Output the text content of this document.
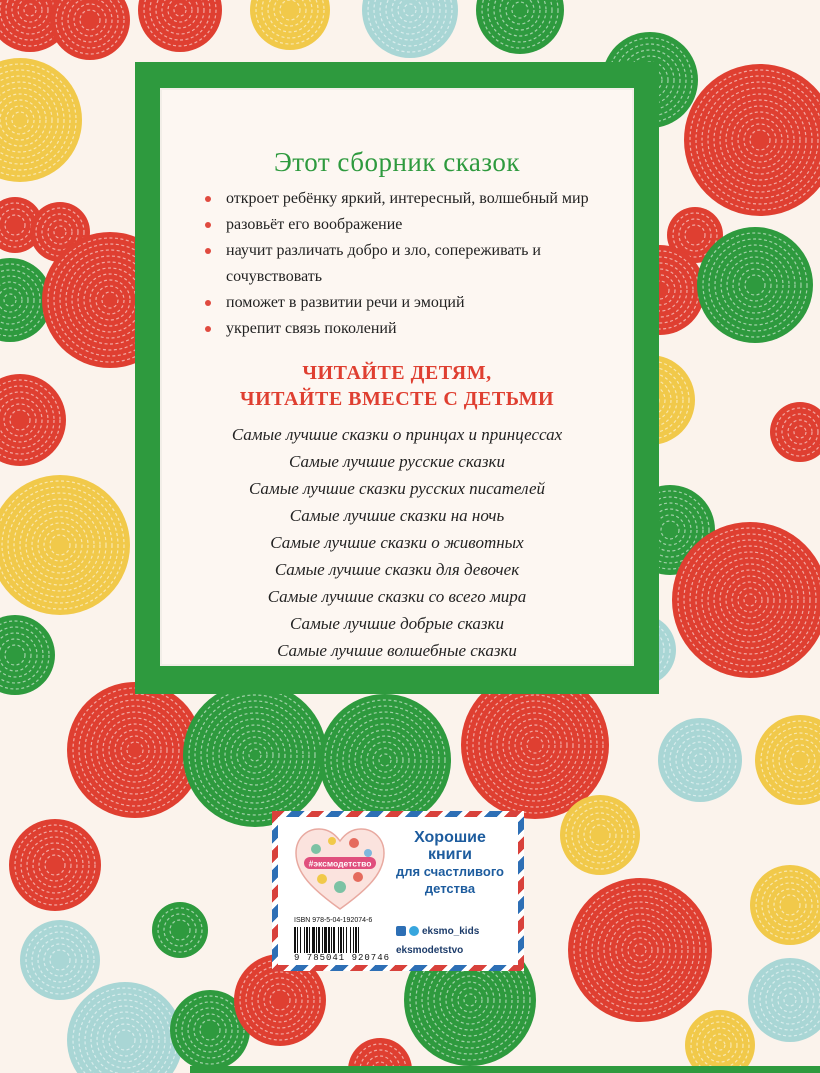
Этот сборник сказок
откроет ребёнку яркий, интересный, волшебный мир
разовьёт его воображение
научит различать добро и зло, сопереживать и сочувствовать
поможет в развитии речи и эмоций
укрепит связь поколений
ЧИТАЙТЕ ДЕТЯМ,
ЧИТАЙТЕ ВМЕСТЕ С ДЕТЬМИ
Самые лучшие сказки о принцах и принцессах
Самые лучшие русские сказки
Самые лучшие сказки русских писателей
Самые лучшие сказки на ночь
Самые лучшие сказки о животных
Самые лучшие сказки для девочек
Самые лучшие сказки со всего мира
Самые лучшие добрые сказки
Самые лучшие волшебные сказки
#эксмодетство
Хорошие
книги
для счастливого
детства
ISBN 978-5-04-192074-6
9 785041 920746
eksmo_kids
eksmodetstvo
